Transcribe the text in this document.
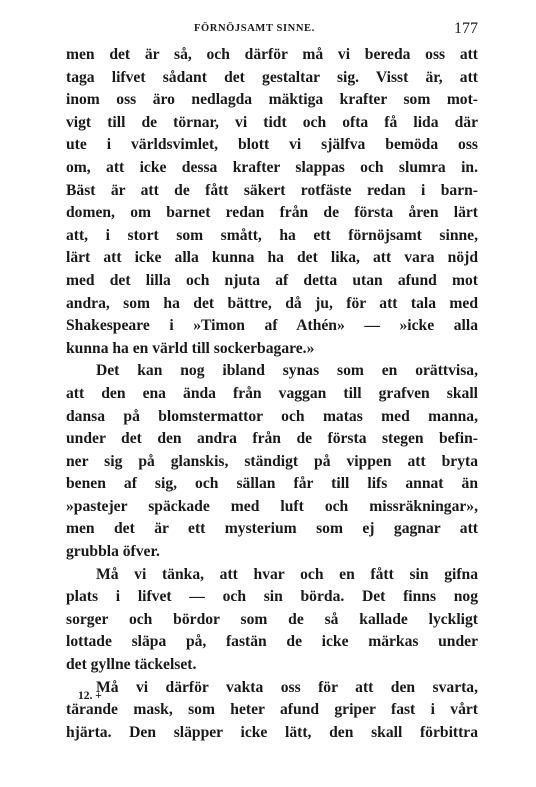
FÖRNÖJSAMT SINNE.	177
men det är så, och därför må vi bereda oss att
taga lifvet sådant det gestaltar sig. Visst är, att
inom oss äro nedlagda mäktiga krafter som mot-
vigt till de törnar, vi tidt och ofta få lida där
ute i världsvimlet, blott vi själfva bemöda oss
om, att icke dessa krafter slappas och slumra in.
Bäst är att de fått säkert rotfäste redan i barn-
domen, om barnet redan från de första åren lärt
att, i stort som smått, ha ett förnöjsamt sinne,
lärt att icke alla kunna ha det lika, att vara nöjd
med det lilla och njuta af detta utan afund mot
andra, som ha det bättre, då ju, för att tala med
Shakespeare i »Timon af Athén» — »icke alla
kunna ha en värld till sockerbagare.»
Det kan nog ibland synas som en orättvisa,
att den ena ända från vaggan till grafven skall
dansa på blomstermattor och matas med manna,
under det den andra från de första stegen befin-
ner sig på glanskis, ständigt på vippen att bryta
benen af sig, och sällan får till lifs annat än
»pastejer späckade med luft och missräkningar»,
men det är ett mysterium som ej gagnar att
grubbla öfver.
Må vi tänka, att hvar och en fått sin gifna
plats i lifvet — och sin börda. Det finns nog
sorger och bördor som de så kallade lyckligt
lottade släpa på, fastän de icke märkas under
det gyllne täckelset.
Må vi därför vakta oss för att den svarta,
tärande mask, som heter afund griper fast i vårt
hjärta. Den släpper icke lätt, den skall förbittra
12. +
